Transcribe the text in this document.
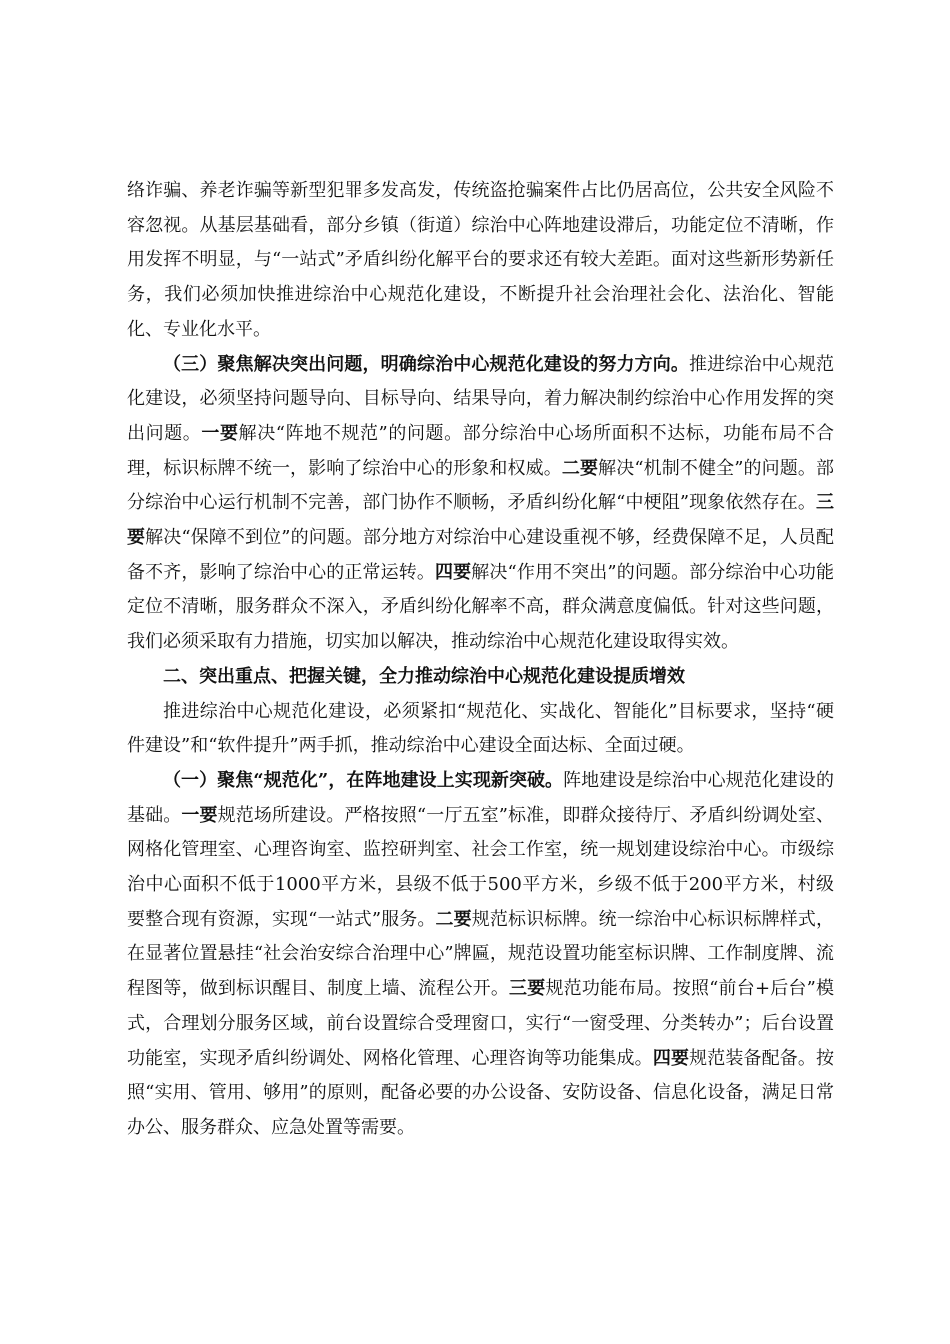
络诈骗、养老诈骗等新型犯罪多发高发，传统盗抢骗案件占比仍居高位，公共安全风险不容忽视。从基层基础看，部分乡镇（街道）综治中心阵地建设滞后，功能定位不清晰，作用发挥不明显，与“一站式”矛盾纠纷化解平台的要求还有较大差距。面对这些新形势新任务，我们必须加快推进综治中心规范化建设，不断提升社会治理社会化、法治化、智能化、专业化水平。

（三）聚焦解决突出问题，明确综治中心规范化建设的努力方向。推进综治中心规范化建设，必须坚持问题导向、目标导向、结果导向，着力解决制约综治中心作用发挥的突出问题。一要解决“阵地不规范”的问题。部分综治中心场所面积不达标，功能布局不合理，标识标牌不统一，影响了综治中心的形象和权威。二要解决“机制不健全”的问题。部分综治中心运行机制不完善，部门协作不顺畅，矛盾纠纷化解“中梗阻”现象依然存在。三要解决“保障不到位”的问题。部分地方对综治中心建设重视不够，经费保障不足，人员配备不齐，影响了综治中心的正常运转。四要解决“作用不突出”的问题。部分综治中心功能定位不清晰，服务群众不深入，矛盾纠纷化解率不高，群众满意度偏低。针对这些问题，我们必须采取有力措施，切实加以解决，推动综治中心规范化建设取得实效。

二、突出重点、把握关键，全力推动综治中心规范化建设提质增效

推进综治中心规范化建设，必须紧扣“规范化、实战化、智能化”目标要求，坚持“硬件建设”和“软件提升”两手抓，推动综治中心建设全面达标、全面过硬。

（一）聚焦“规范化”，在阵地建设上实现新突破。阵地建设是综治中心规范化建设的基础。一要规范场所建设。严格按照“一厅五室”标准，即群众接待厅、矛盾纠纷调处室、网格化管理室、心理咨询室、监控研判室、社会工作室，统一规划建设综治中心。市级综治中心面积不低于1000平方米，县级不低于500平方米，乡级不低于200平方米，村级要整合现有资源，实现“一站式”服务。二要规范标识标牌。统一综治中心标识标牌样式，在显著位置悬挂“社会治安综合治理中心”牌匾，规范设置功能室标识牌、工作制度牌、流程图等，做到标识醒目、制度上墙、流程公开。三要规范功能布局。按照“前台+后台”模式，合理划分服务区域，前台设置综合受理窗口，实行“一窗受理、分类转办”；后台设置功能室，实现矛盾纠纷调处、网格化管理、心理咨询等功能集成。四要规范装备配备。按照“实用、管用、够用”的原则，配备必要的办公设备、安防设备、信息化设备，满足日常办公、服务群众、应急处置等需要。
